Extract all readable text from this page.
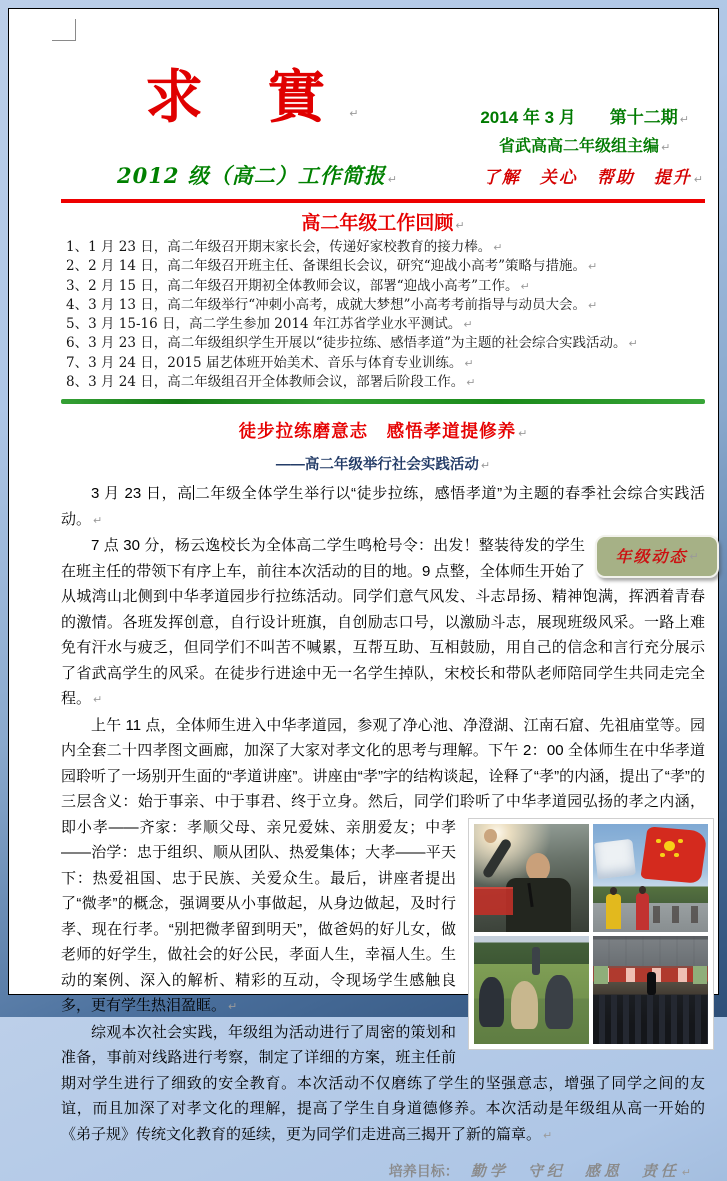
求 實 ↵	2014 年 3 月　　第十二期 ↵
省武高高二年级组主编 ↵
2012 级（高二）工作简报 ↵	了解　关心　帮助　提升 ↵
高二年级工作回顾 ↵
1、1 月 23 日，高二年级召开期末家长会，传递好家校教育的接力棒。 ↵
2、2 月 14 日，高二年级召开班主任、备课组长会议，研究“迎战小高考”策略与措施。 ↵
3、2 月 15 日，高二年级召开期初全体教师会议，部署“迎战小高考”工作。 ↵
4、3 月 13 日，高二年级举行“冲刺小高考，成就大梦想”小高考考前指导与动员大会。 ↵
5、3 月 15-16 日，高二学生参加 2014 年江苏省学业水平测试。 ↵
6、3 月 23 日，高二年级组织学生开展以“徒步拉练、感悟孝道”为主题的社会综合实践活动。 ↵
7、3 月 24 日，2015 届艺体班开始美术、音乐与体育专业训练。 ↵
8、3 月 24 日，高二年级组召开全体教师会议，部署后阶段工作。 ↵
徒步拉练磨意志　感悟孝道提修养 ↵
——高二年级举行社会实践活动 ↵
3 月 23 日，高 二年级全体学生举行以“徒步拉练，感悟孝道”为主题的春季社会综合实践活动。 ↵
年级动态 ↵
7 点 30 分，杨云逸校长为全体高二学生鸣枪号令：出发！整装待发的学生在班主任的带领下有序上车，前往本次活动的目的地。9 点整，全体师生开始了从城湾山北侧到中华孝道园步行拉练活动。同学们意气风发、斗志昂扬、精神饱满，挥洒着青春的激情。各班发挥创意，自行设计班旗，自创励志口号，以激励斗志，展现班级风采。一路上难免有汗水与疲乏，但同学们不叫苦不喊累，互帮互助、互相鼓励，用自己的信念和言行充分展示了省武高学生的风采。在徒步行进途中无一名学生掉队，宋校长和带队老师陪同学生共同走完全程。 ↵
上午 11 点，全体师生进入中华孝道园，参观了净心池、净澄湖、江南石窟、先祖庙堂等。园内全套二十四孝图文画廊，加深了大家对孝文化的思考与理解。下午 2：00 全体师生在中华孝道园聆听了一场别开生面的“孝道讲座”。讲座由“孝”字的结构谈起，诠释了“孝”的内涵，提出了“孝”的三层含义：始于事亲、中于事君、终于立身。然后，同学们聆听了中华孝道园弘扬的孝之内涵，即小孝——齐家：孝顺父母、
亲兄爱妹、亲朋爱友；中孝——治学：忠于组织、顺从团队、热爱集体；大孝——平天下：热爱祖国、忠于民族、关爱众生。最后，讲座者提出了“微孝”的概念，强调要从小事做起，从身边做起，及时行孝、现在行孝。“别把微孝留到明天”，做爸妈的好儿女，做老师的好学生，做社会的好公民，孝面人生，幸福人生。生动的案例、深入的解析、精彩的互动，令现场学生感触良多，更有学生热泪盈眶。 ↵
综观本次社会实践，年级组为活动进行了周密的策划和准备，事前对线路进行考察，制定了详细的方案，班主任前期对学生进行了细致的安全教育。本次活动不仅磨练了学生的坚强意志，增强了同学之间的友谊，而且加深了对孝文化的理解，提高了学生自身道德修养。本次活动是年级组从高一开始的《弟子规》传统文化教育的延续，更为同学们走进高三揭开了新的篇章。 ↵
培养目标： 勤学　守纪　感恩　责任 ↵
